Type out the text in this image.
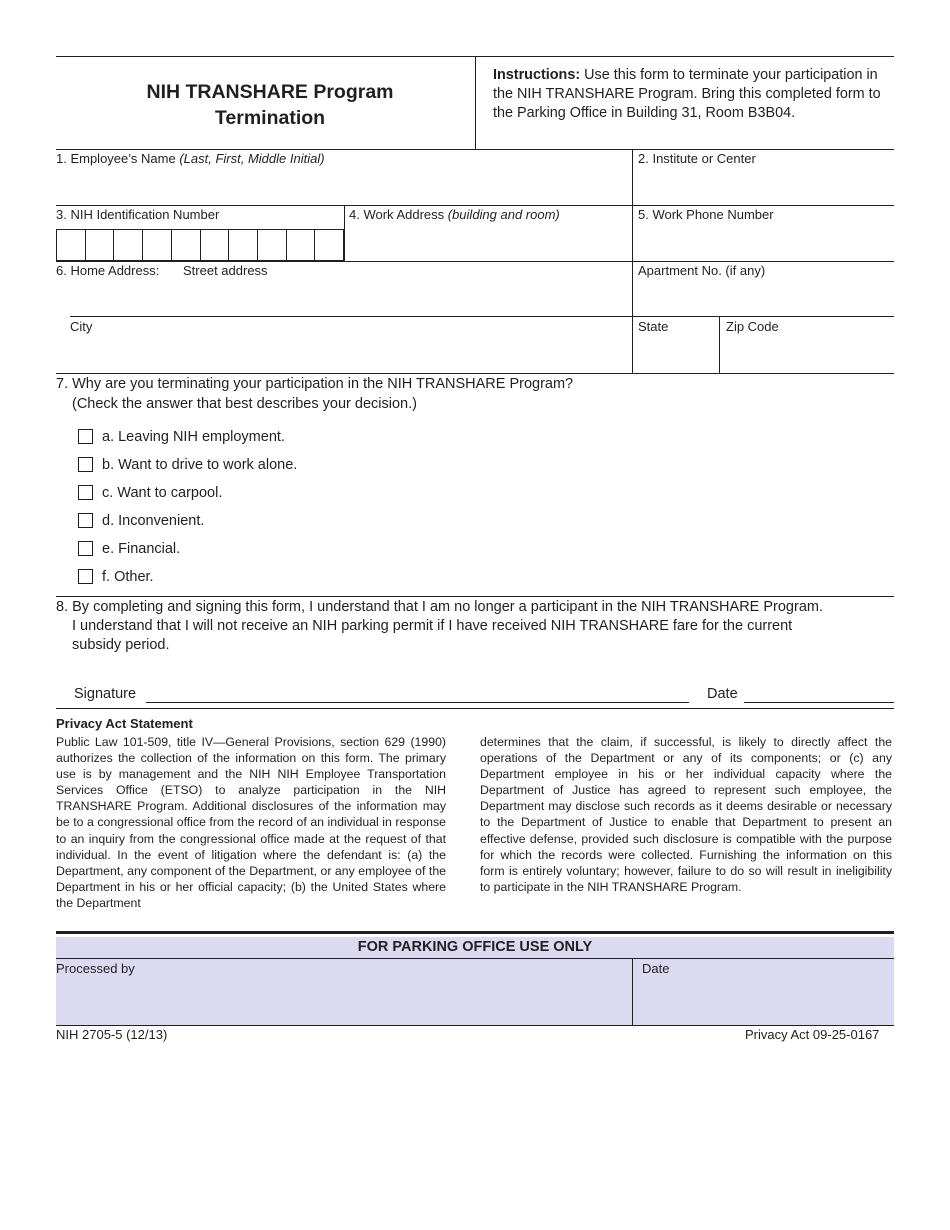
NIH TRANSHARE Program
Termination
Instructions: Use this form to terminate your participation in the NIH TRANSHARE Program. Bring this completed form to the Parking Office in Building 31, Room B3B04.
1. Employee’s Name (Last, First, Middle Initial)	2. Institute or Center
3. NIH Identification Number	4. Work Address (building and room)	5. Work Phone Number
6. Home Address: Street address	Apartment No. (if any)
City	State	Zip Code
7. Why are you terminating your participation in the NIH TRANSHARE Program?
(Check the answer that best describes your decision.)
a. Leaving NIH employment.
b. Want to drive to work alone.
c. Want to carpool.
d. Inconvenient.
e. Financial.
f. Other.
8. By completing and signing this form, I understand that I am no longer a participant in the NIH TRANSHARE Program.
I understand that I will not receive an NIH parking permit if I have received NIH TRANSHARE fare for the current
subsidy period.
Signature	Date
Privacy Act Statement
Public Law 101-509, title IV—General Provisions, section 629 (1990) authorizes the collection of the information on this form. The primary use is by management and the NIH NIH Employee Transportation Services Office (ETSO) to analyze participation in the NIH TRANSHARE Program. Additional disclosures of the information may be to a congressional office from the record of an individual in response to an inquiry from the congressional office made at the request of that individual. In the event of litigation where the defendant is: (a) the Department, any component of the Department, or any employee of the Department in his or her official capacity; (b) the United States where the Department
determines that the claim, if successful, is likely to directly affect the operations of the Department or any of its components; or (c) any Department employee in his or her individual capacity where the Department of Justice has agreed to represent such employee, the Department may disclose such records as it deems desirable or necessary to the Department of Justice to enable that Department to present an effective defense, provided such disclosure is compatible with the purpose for which the records were collected. Furnishing the information on this form is entirely voluntary; however, failure to do so will result in ineligibility to participate in the NIH TRANSHARE Program.
FOR PARKING OFFICE USE ONLY
Processed by	Date
NIH 2705-5 (12/13)	Privacy Act 09-25-0167
